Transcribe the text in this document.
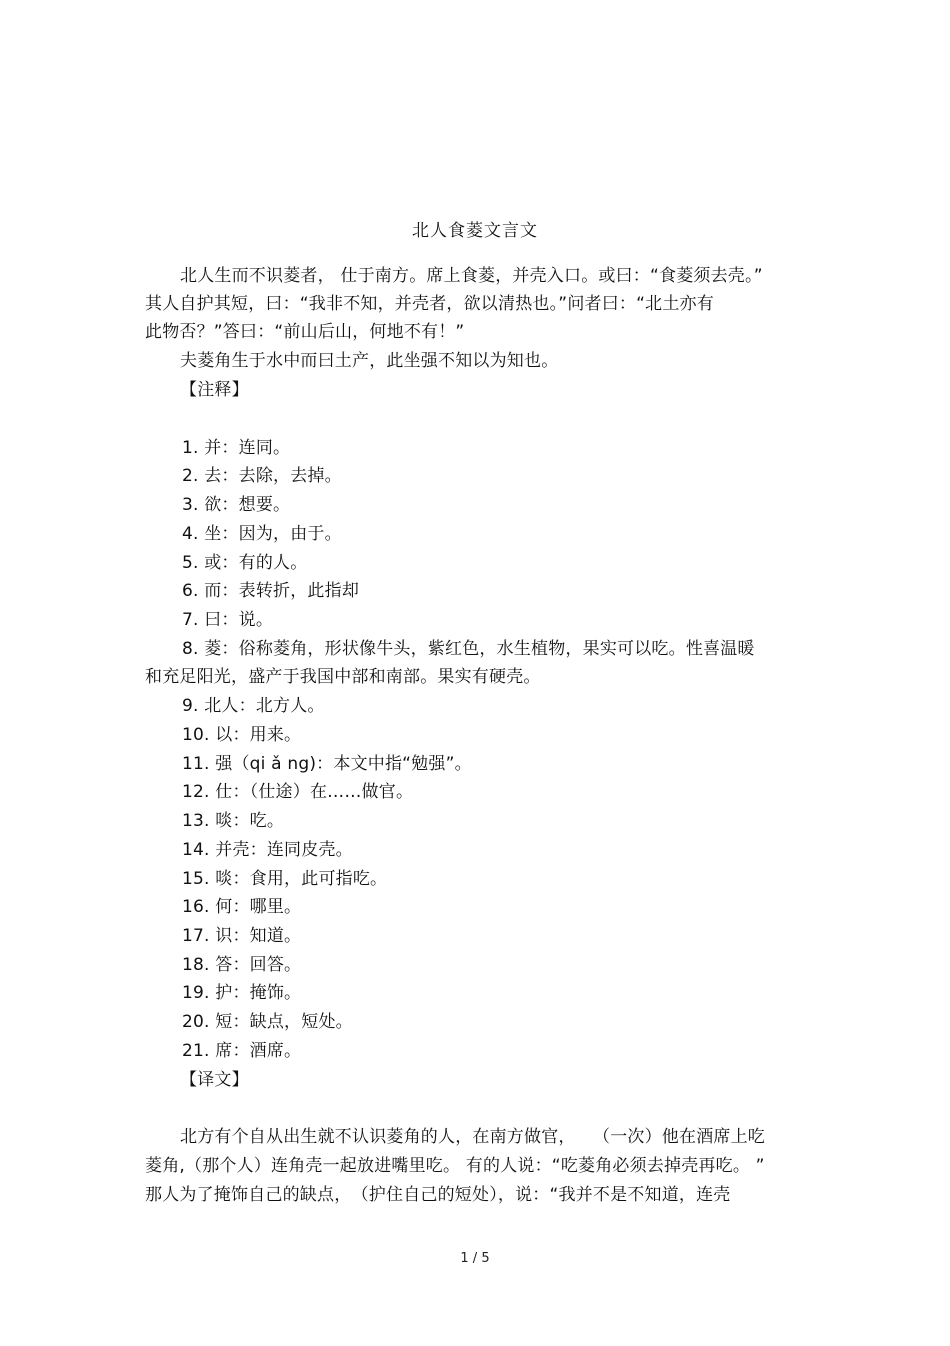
北人食菱文言文
北人生而不识菱者， 仕于南方。席上食菱，并壳入口。或曰：“食菱须去壳。”
其人自护其短，曰：“我非不知，并壳者，欲以清热也。”问者曰：“北土亦有
此物否？”答曰：“前山后山，何地不有！”
夫菱角生于水中而曰土产，此坐强不知以为知也。
【注释】
1. 并：连同。
2. 去：去除，去掉。
3. 欲：想要。
4. 坐：因为，由于。
5. 或：有的人。
6. 而：表转折，此指却
7. 曰：说。
8. 菱：俗称菱角，形状像牛头，紫红色，水生植物，果实可以吃。性喜温暖
和充足阳光，盛产于我国中部和南部。果实有硬壳。
9. 北人：北方人。
10. 以：用来。
11. 强（qi ǎ ng)：本文中指“勉强”。
12. 仕：（仕途）在……做官。
13. 啖：吃。
14. 并壳：连同皮壳。
15. 啖：食用，此可指吃。
16. 何：哪里。
17. 识：知道。
18. 答：回答。
19. 护：掩饰。
20. 短：缺点，短处。
21. 席：酒席。
【译文】
北方有个自从出生就不认识菱角的人，在南方做官，　　（一次）他在酒席上吃
菱角,（那个人）连角壳一起放进嘴里吃。 有的人说：“吃菱角必须去掉壳再吃。 ”
那人为了掩饰自己的缺点，　（护住自己的短处），说：“我并不是不知道，连壳
1 / 5
